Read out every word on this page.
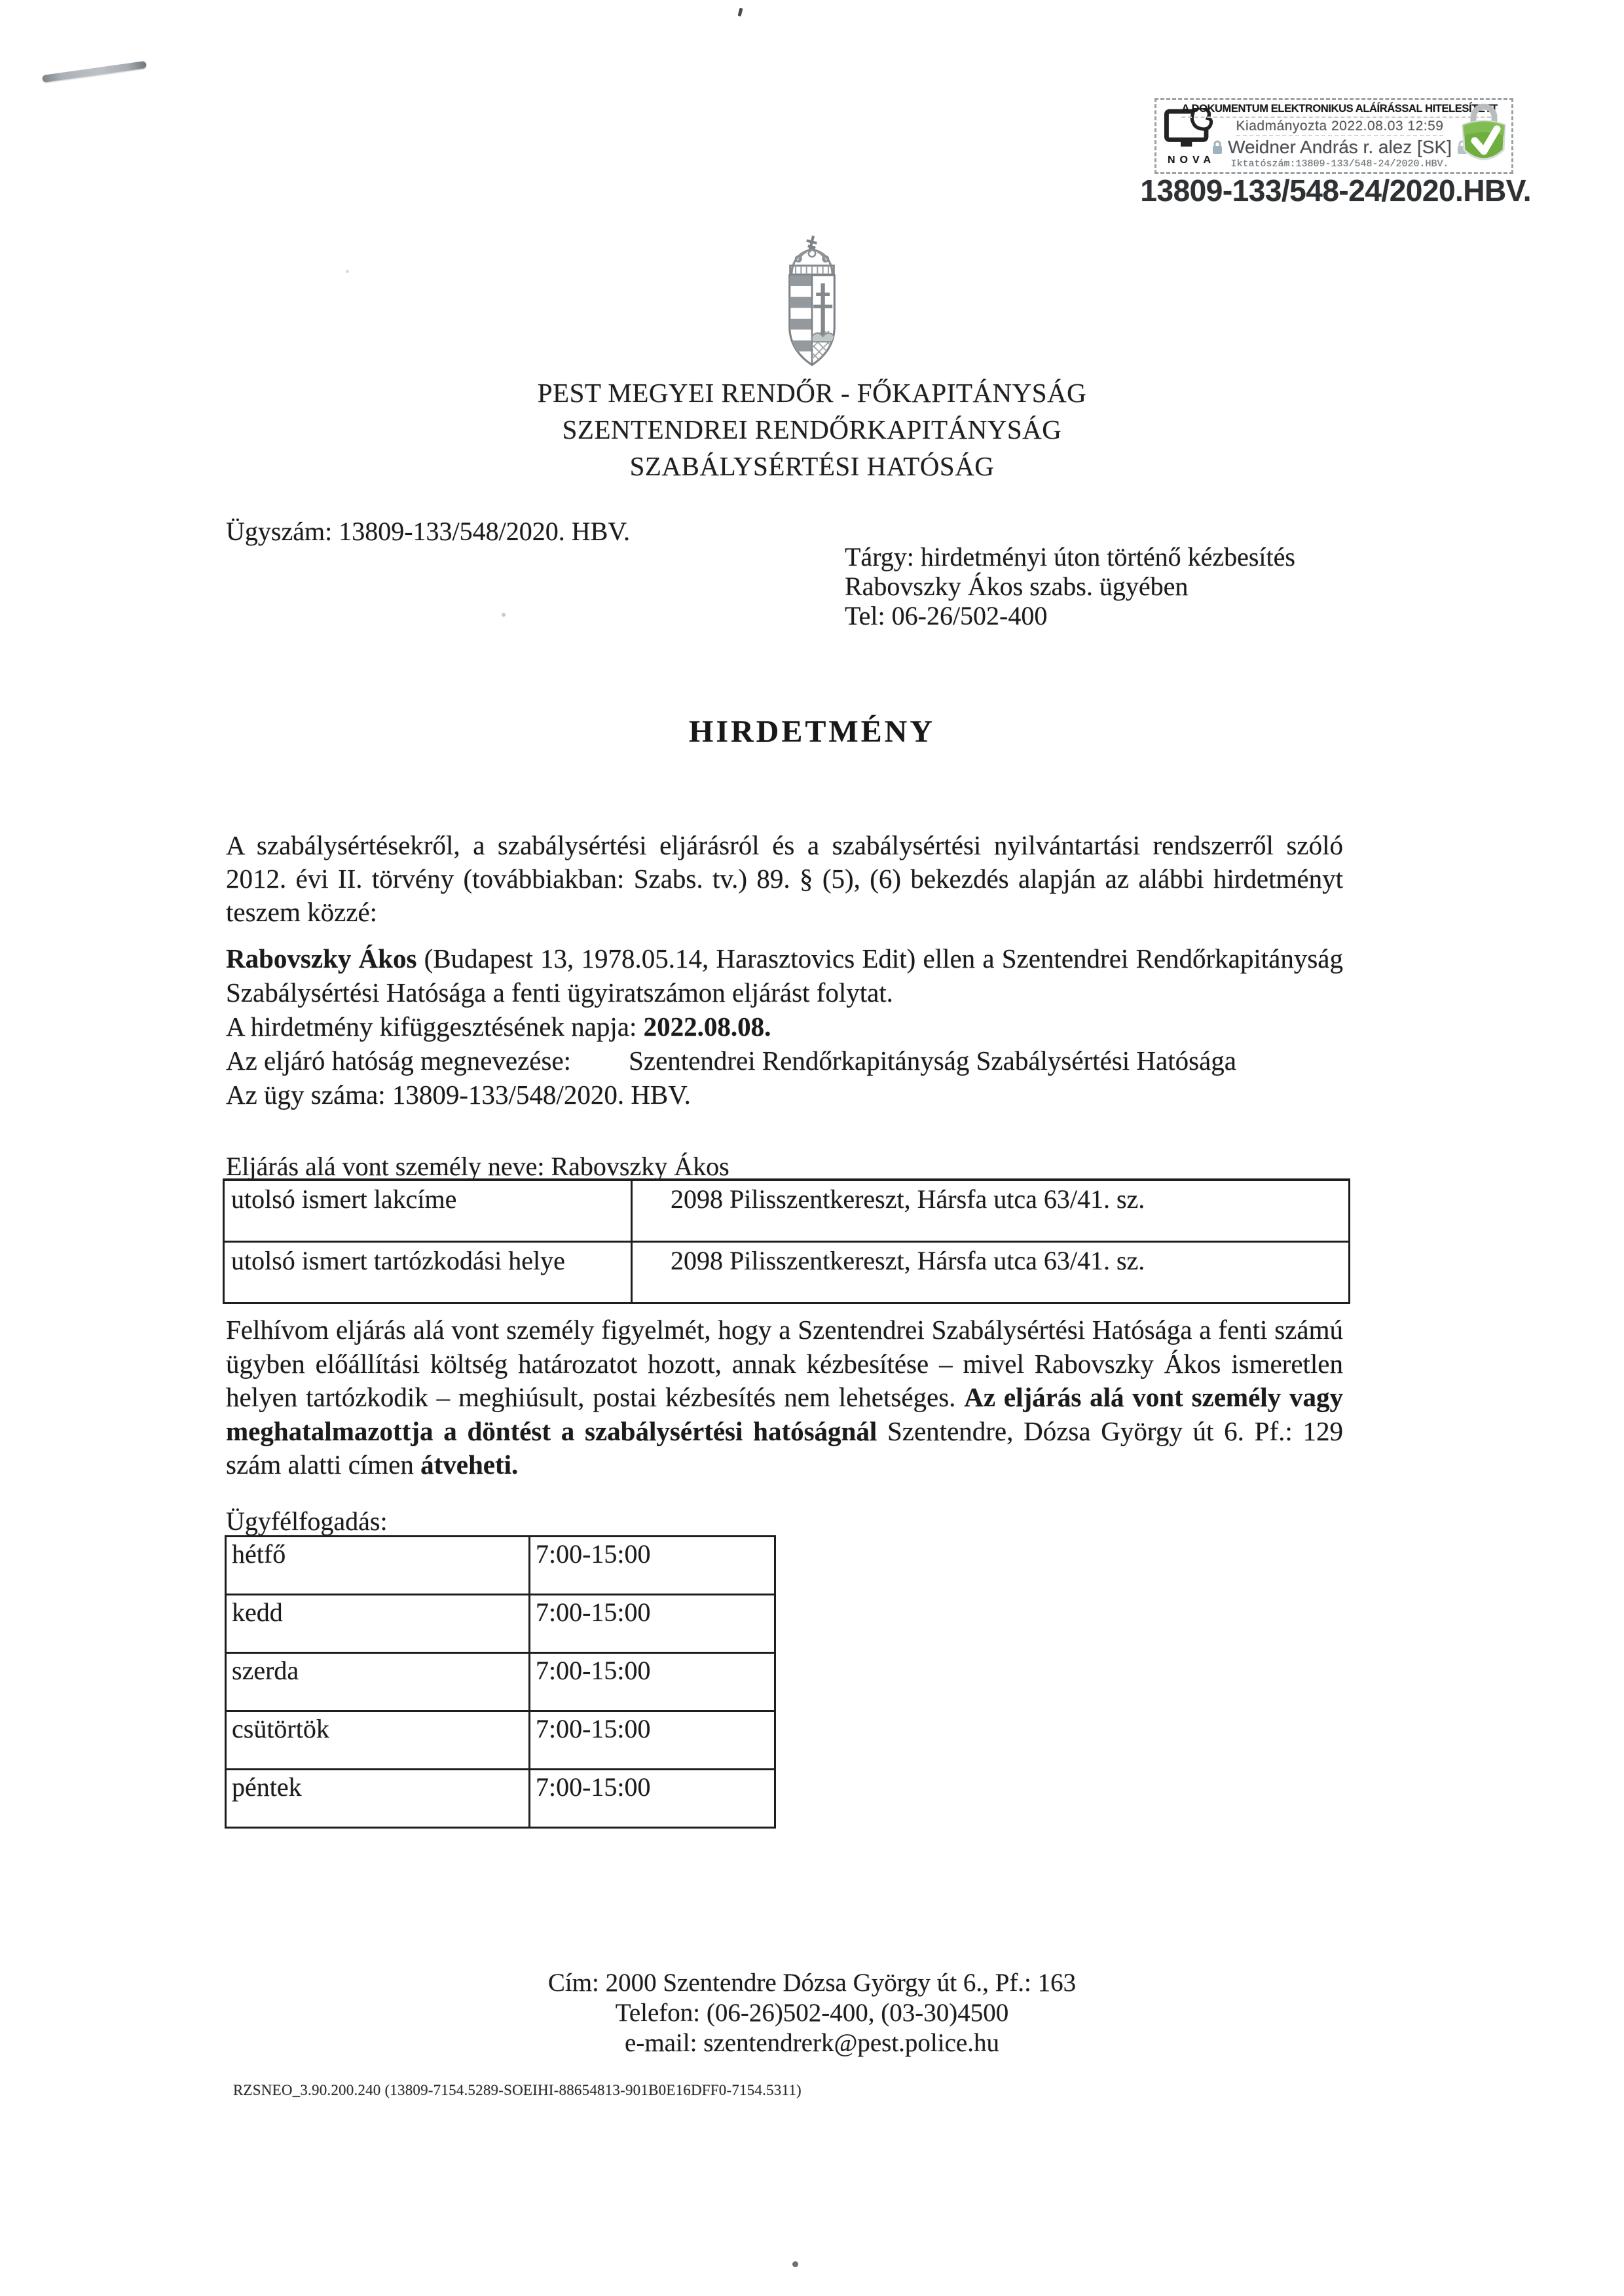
NOVA
A DOKUMENTUM ELEKTRONIKUS ALÁÍRÁSSAL HITELESÍTETT
Kiadmányozta 2022.08.03 12:59
Weidner András r. alez [SK]
Iktatószám:13809-133/548-24/2020.HBV.
13809-133/548-24/2020.HBV.
PEST MEGYEI RENDŐR - FŐKAPITÁNYSÁG
SZENTENDREI RENDŐRKAPITÁNYSÁG
SZABÁLYSÉRTÉSI HATÓSÁG
Ügyszám: 13809-133/548/2020. HBV.
Tárgy: hirdetményi úton történő kézbesítés
Rabovszky Ákos szabs. ügyében
Tel: 06-26/502-400
HIRDETMÉNY
A szabálysértésekről, a szabálysértési eljárásról és a szabálysértési nyilvántartási rendszerről szóló 2012. évi II. törvény (továbbiakban: Szabs. tv.) 89. § (5), (6) bekezdés alapján az alábbi hirdetményt teszem közzé:
Rabovszky Ákos (Budapest 13, 1978.05.14, Harasztovics Edit) ellen a Szentendrei Rendőrkapitányság Szabálysértési Hatósága a fenti ügyiratszámon eljárást folytat.
A hirdetmény kifüggesztésének napja: 2022.08.08.
Az eljáró hatóság megnevezése: Szentendrei Rendőrkapitányság Szabálysértési Hatósága
Az ügy száma: 13809-133/548/2020. HBV.
Eljárás alá vont személy neve: Rabovszky Ákos
utolsó ismert lakcíme	2098 Pilisszentkereszt, Hársfa utca 63/41. sz.
utolsó ismert tartózkodási helye	2098 Pilisszentkereszt, Hársfa utca 63/41. sz.
Felhívom eljárás alá vont személy figyelmét, hogy a Szentendrei Szabálysértési Hatósága a fenti számú ügyben előállítási költség határozatot hozott, annak kézbesítése – mivel Rabovszky Ákos ismeretlen helyen tartózkodik – meghiúsult, postai kézbesítés nem lehetséges. Az eljárás alá vont személy vagy meghatalmazottja a döntést a szabálysértési hatóságnál Szentendre, Dózsa György út 6. Pf.: 129 szám alatti címen átveheti.
Ügyfélfogadás:
hétfő	7:00-15:00
kedd	7:00-15:00
szerda	7:00-15:00
csütörtök	7:00-15:00
péntek	7:00-15:00
Cím: 2000 Szentendre Dózsa György út 6., Pf.: 163
Telefon: (06-26)502-400, (03-30)4500
e-mail: szentendrerk@pest.police.hu
RZSNEO_3.90.200.240 (13809-7154.5289-SOEIHI-88654813-901B0E16DFF0-7154.5311)
